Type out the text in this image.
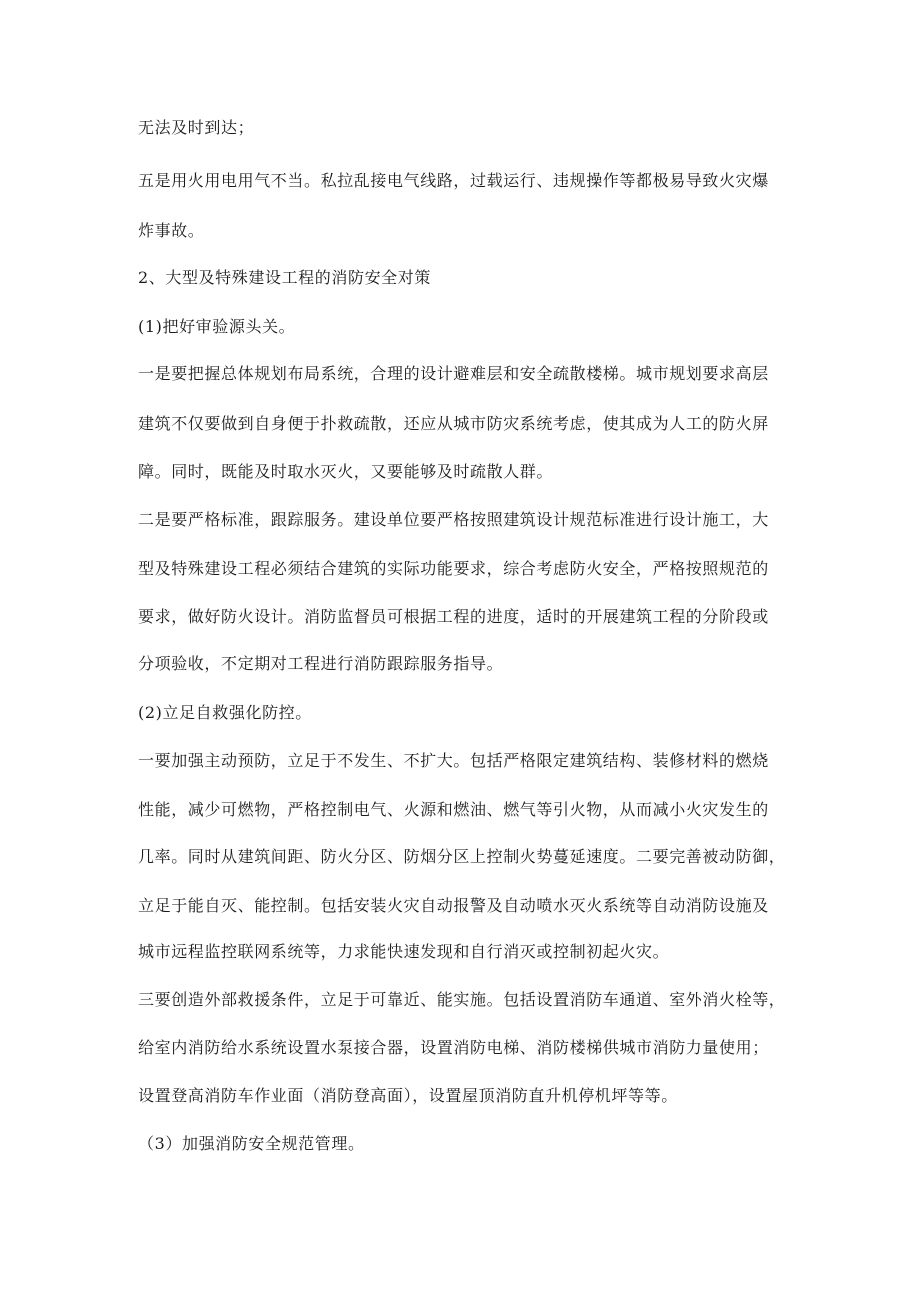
无法及时到达；

五是用火用电用气不当。私拉乱接电气线路，过载运行、违规操作等都极易导致火灾爆

炸事故。

2、大型及特殊建设工程的消防安全对策

(1)把好审验源头关。

一是要把握总体规划布局系统，合理的设计避难层和安全疏散楼梯。城市规划要求高层

建筑不仅要做到自身便于扑救疏散，还应从城市防灾系统考虑，使其成为人工的防火屏

障。同时，既能及时取水灭火，又要能够及时疏散人群。

二是要严格标准，跟踪服务。建设单位要严格按照建筑设计规范标准进行设计施工，大

型及特殊建设工程必须结合建筑的实际功能要求，综合考虑防火安全，严格按照规范的

要求，做好防火设计。消防监督员可根据工程的进度，适时的开展建筑工程的分阶段或

分项验收，不定期对工程进行消防跟踪服务指导。

(2)立足自救强化防控。

一要加强主动预防，立足于不发生、不扩大。包括严格限定建筑结构、装修材料的燃烧

性能，减少可燃物，严格控制电气、火源和燃油、燃气等引火物，从而减小火灾发生的

几率。同时从建筑间距、防火分区、防烟分区上控制火势蔓延速度。二要完善被动防御，

立足于能自灭、能控制。包括安装火灾自动报警及自动喷水灭火系统等自动消防设施及

城市远程监控联网系统等，力求能快速发现和自行消灭或控制初起火灾。

三要创造外部救援条件，立足于可靠近、能实施。包括设置消防车通道、室外消火栓等，

给室内消防给水系统设置水泵接合器，设置消防电梯、消防楼梯供城市消防力量使用；

设置登高消防车作业面（消防登高面），设置屋顶消防直升机停机坪等等。

（3）加强消防安全规范管理。
